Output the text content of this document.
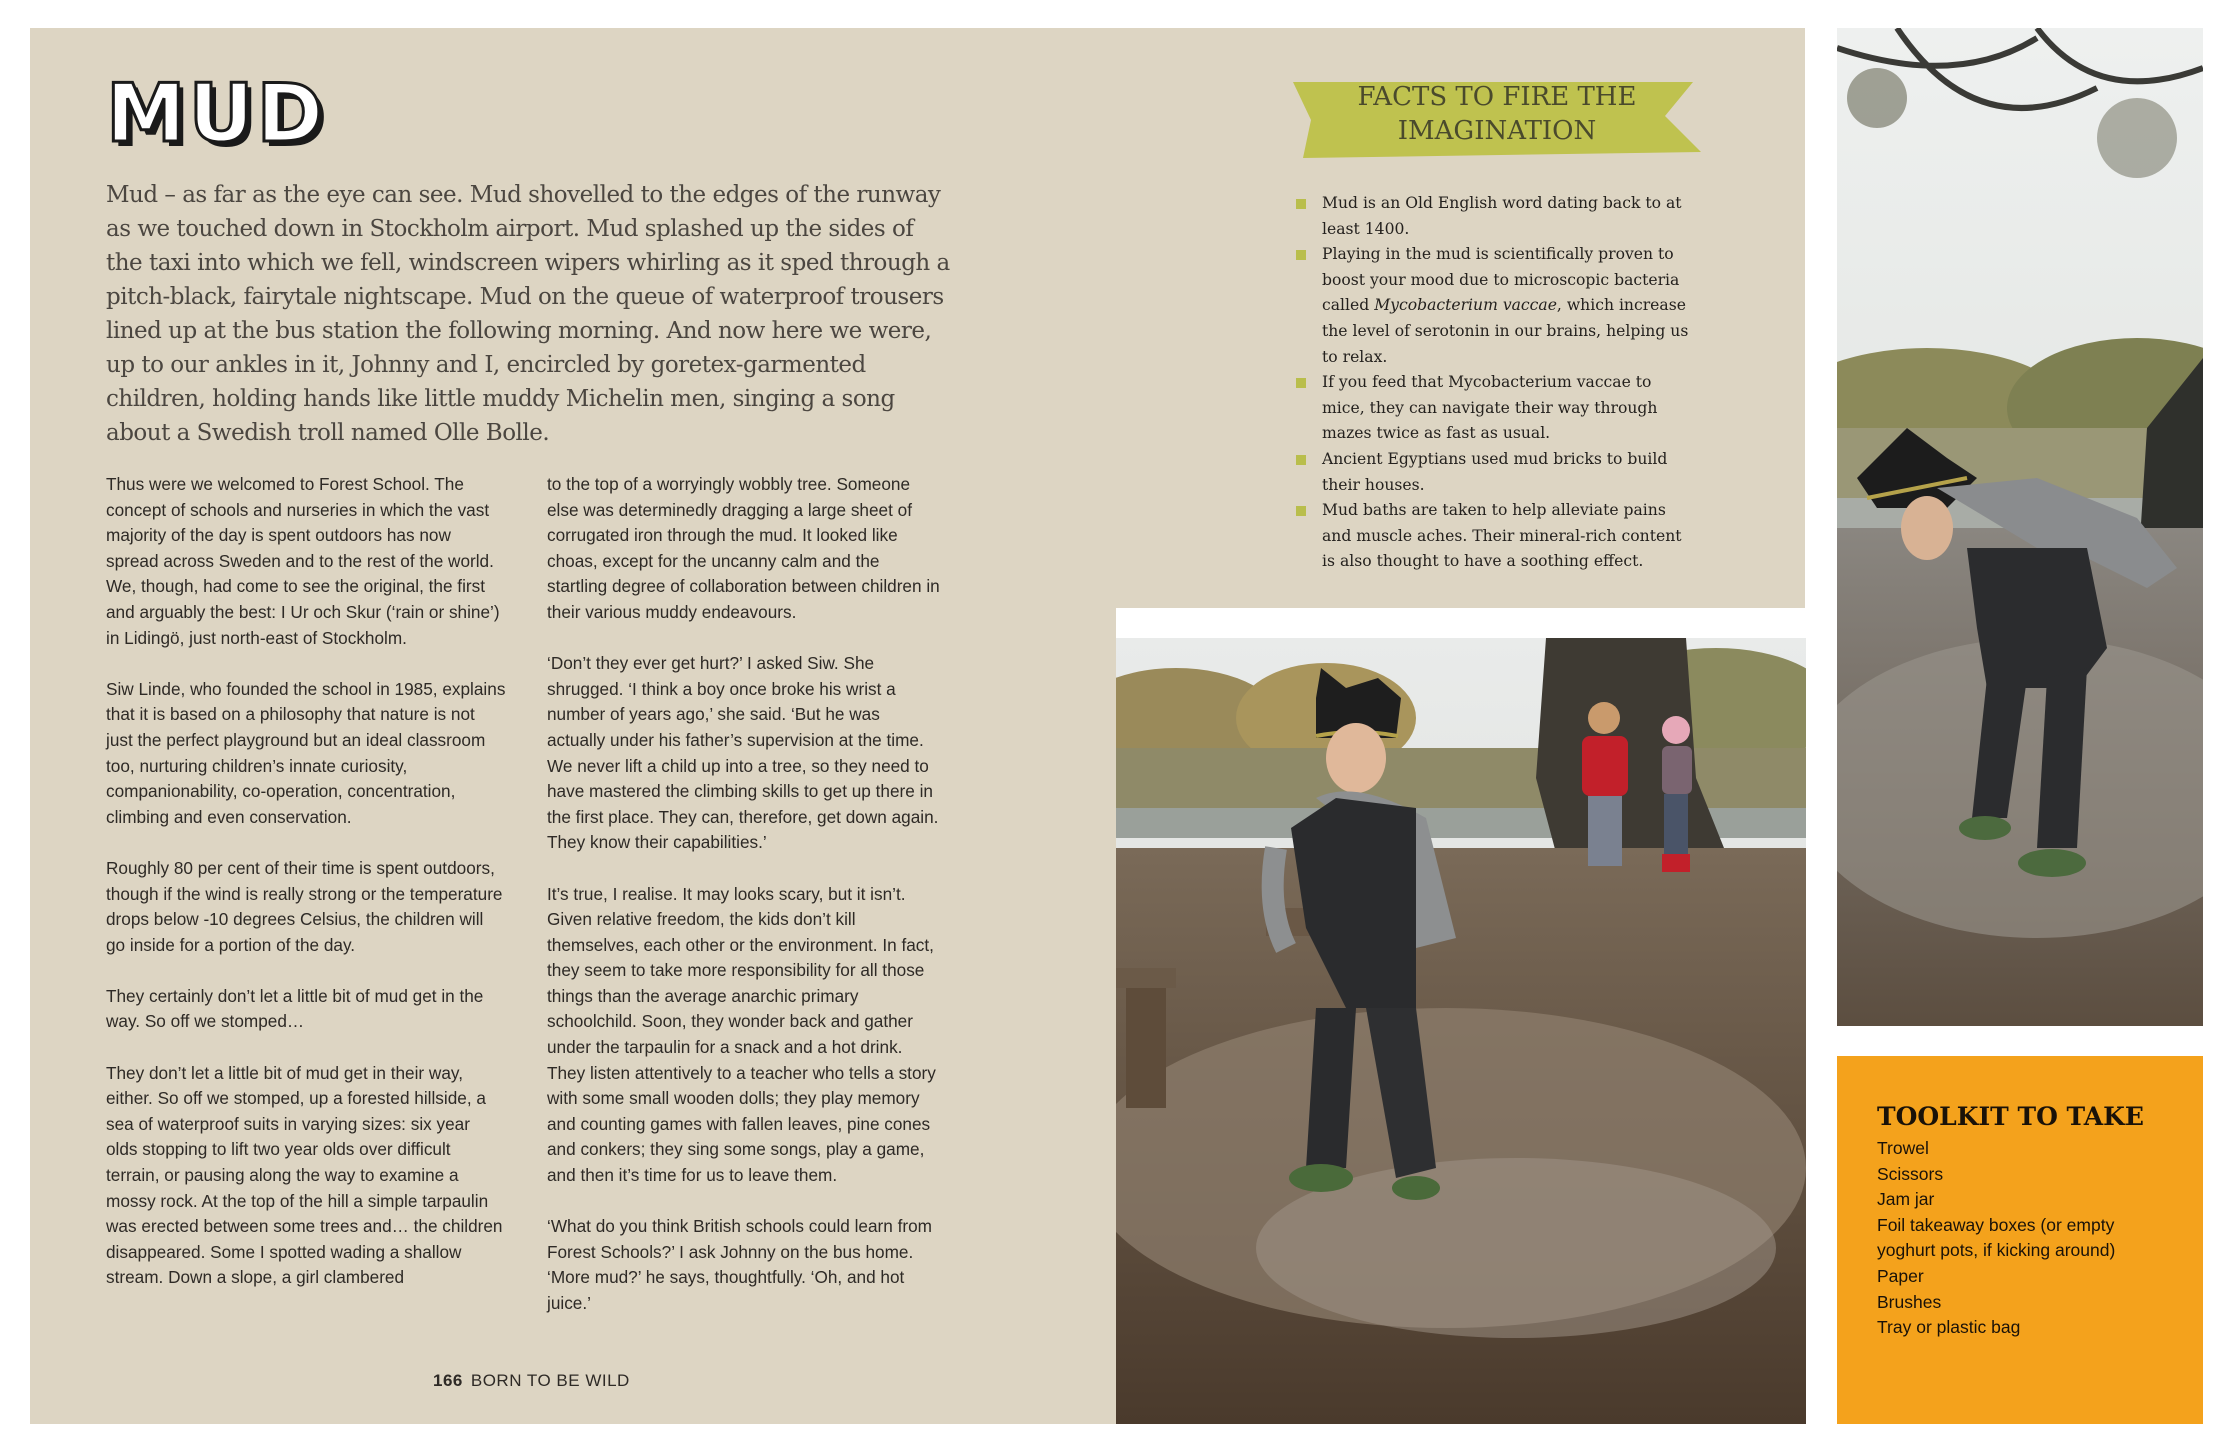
MUD

Mud – as far as the eye can see. Mud shovelled to the edges of the runway as we touched down in Stockholm airport. Mud splashed up the sides of the taxi into which we fell, windscreen wipers whirling as it sped through a pitch-black, fairytale nightscape. Mud on the queue of waterproof trousers lined up at the bus station the following morning. And now here we were, up to our ankles in it, Johnny and I, encircled by goretex-garmented children, holding hands like little muddy Michelin men, singing a song about a Swedish troll named Olle Bolle.

Thus were we welcomed to Forest School. The concept of schools and nurseries in which the vast majority of the day is spent outdoors has now spread across Sweden and to the rest of the world. We, though, had come to see the original, the first and arguably the best: I Ur och Skur (‘rain or shine’) in Lidingö, just north-east of Stockholm.

Siw Linde, who founded the school in 1985, explains that it is based on a philosophy that nature is not just the perfect playground but an ideal classroom too, nurturing children’s innate curiosity, companionability, co-operation, concentration, climbing and even conservation.

Roughly 80 per cent of their time is spent outdoors, though if the wind is really strong or the temperature drops below -10 degrees Celsius, the children will go inside for a portion of the day.

They certainly don’t let a little bit of mud get in the way. So off we stomped…

They don’t let a little bit of mud get in their way, either. So off we stomped, up a forested hillside, a sea of waterproof suits in varying sizes: six year olds stopping to lift two year olds over difficult terrain, or pausing along the way to examine a mossy rock. At the top of the hill a simple tarpaulin was erected between some trees and… the children disappeared. Some I spotted wading a shallow stream. Down a slope, a girl clambered

to the top of a worryingly wobbly tree. Someone else was determinedly dragging a large sheet of corrugated iron through the mud. It looked like choas, except for the uncanny calm and the startling degree of collaboration between children in their various muddy endeavours.

‘Don’t they ever get hurt?’ I asked Siw. She shrugged. ‘I think a boy once broke his wrist a number of years ago,’ she said. ‘But he was actually under his father’s supervision at the time. We never lift a child up into a tree, so they need to have mastered the climbing skills to get up there in the first place. They can, therefore, get down again. They know their capabilities.’

It’s true, I realise. It may looks scary, but it isn’t. Given relative freedom, the kids don’t kill themselves, each other or the environment. In fact, they seem to take more responsibility for all those things than the average anarchic primary schoolchild. Soon, they wonder back and gather under the tarpaulin for a snack and a hot drink. They listen attentively to a teacher who tells a story with some small wooden dolls; they play memory and counting games with fallen leaves, pine cones and conkers; they sing some songs, play a game, and then it’s time for us to leave them.

‘What do you think British schools could learn from Forest Schools?’ I ask Johnny on the bus home. ‘More mud?’ he says, thoughtfully. ‘Oh, and hot juice.’

166 BORN TO BE WILD
FACTS TO FIRE THE IMAGINATION
Mud is an Old English word dating back to at least 1400.
Playing in the mud is scientifically proven to boost your mood due to microscopic bacteria called Mycobacterium vaccae, which increase the level of serotonin in our brains, helping us to relax.
If you feed that Mycobacterium vaccae to mice, they can navigate their way through mazes twice as fast as usual.
Ancient Egyptians used mud bricks to build their houses.
Mud baths are taken to help alleviate pains and muscle aches. Their mineral-rich content is also thought to have a soothing effect.
TOOLKIT TO TAKE
Trowel
Scissors
Jam jar
Foil takeaway boxes (or empty yoghurt pots, if kicking around)
Paper
Brushes
Tray or plastic bag
